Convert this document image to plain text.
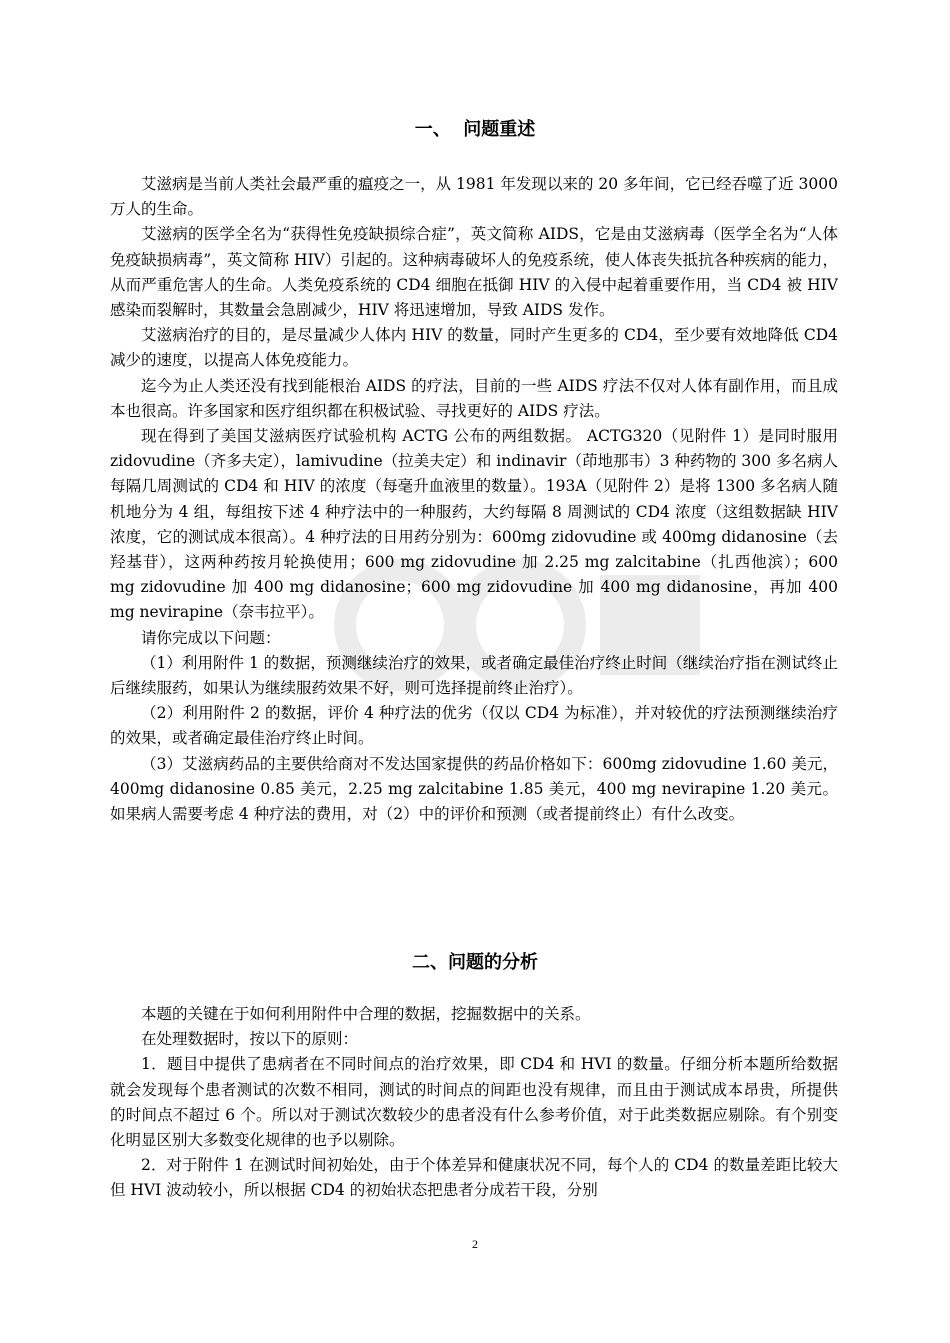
一、  问题重述

艾滋病是当前人类社会最严重的瘟疫之一，从 1981 年发现以来的 20 多年间，它已经吞噬了近 3000 万人的生命。

艾滋病的医学全名为“获得性免疫缺损综合症”，英文简称 AIDS，它是由艾滋病毒（医学全名为“人体免疫缺损病毒”，英文简称 HIV）引起的。这种病毒破坏人的免疫系统，使人体丧失抵抗各种疾病的能力，从而严重危害人的生命。人类免疫系统的 CD4 细胞在抵御 HIV 的入侵中起着重要作用，当 CD4 被 HIV 感染而裂解时，其数量会急剧减少，HIV 将迅速增加，导致 AIDS 发作。

艾滋病治疗的目的，是尽量减少人体内 HIV 的数量，同时产生更多的 CD4，至少要有效地降低 CD4 减少的速度，以提高人体免疫能力。

迄今为止人类还没有找到能根治 AIDS 的疗法，目前的一些 AIDS 疗法不仅对人体有副作用，而且成本也很高。许多国家和医疗组织都在积极试验、寻找更好的 AIDS 疗法。

现在得到了美国艾滋病医疗试验机构 ACTG 公布的两组数据。 ACTG320（见附件 1）是同时服用 zidovudine（齐多夫定），lamivudine（拉美夫定）和 indinavir（茚地那韦）3 种药物的 300 多名病人每隔几周测试的 CD4 和 HIV 的浓度（每毫升血液里的数量）。193A（见附件 2）是将 1300 多名病人随机地分为 4 组，每组按下述 4 种疗法中的一种服药，大约每隔 8 周测试的 CD4 浓度（这组数据缺 HIV 浓度，它的测试成本很高）。4 种疗法的日用药分别为：600mg zidovudine 或 400mg didanosine（去羟基苷），这两种药按月轮换使用；600 mg zidovudine 加 2.25 mg zalcitabine（扎西他滨）；600 mg zidovudine 加 400 mg didanosine；600 mg zidovudine 加 400 mg didanosine，再加 400 mg nevirapine（奈韦拉平）。

请你完成以下问题：

（1）利用附件 1 的数据，预测继续治疗的效果，或者确定最佳治疗终止时间（继续治疗指在测试终止后继续服药，如果认为继续服药效果不好，则可选择提前终止治疗）。

（2）利用附件 2 的数据，评价 4 种疗法的优劣（仅以 CD4 为标准），并对较优的疗法预测继续治疗的效果，或者确定最佳治疗终止时间。

（3）艾滋病药品的主要供给商对不发达国家提供的药品价格如下：600mg zidovudine 1.60 美元，400mg didanosine 0.85 美元，2.25 mg zalcitabine 1.85 美元，400 mg nevirapine 1.20 美元。如果病人需要考虑 4 种疗法的费用，对（2）中的评价和预测（或者提前终止）有什么改变。

二、问题的分析

本题的关键在于如何利用附件中合理的数据，挖掘数据中的关系。

在处理数据时，按以下的原则：

1．题目中提供了患病者在不同时间点的治疗效果，即 CD4 和 HVI 的数量。仔细分析本题所给数据就会发现每个患者测试的次数不相同，测试的时间点的间距也没有规律，而且由于测试成本昂贵，所提供的时间点不超过 6 个。所以对于测试次数较少的患者没有什么参考价值，对于此类数据应剔除。有个别变化明显区别大多数变化规律的也予以剔除。

2．对于附件 1 在测试时间初始处，由于个体差异和健康状况不同，每个人的 CD4 的数量差距比较大但 HVI 波动较小，所以根据 CD4 的初始状态把患者分成若干段，分别

2
